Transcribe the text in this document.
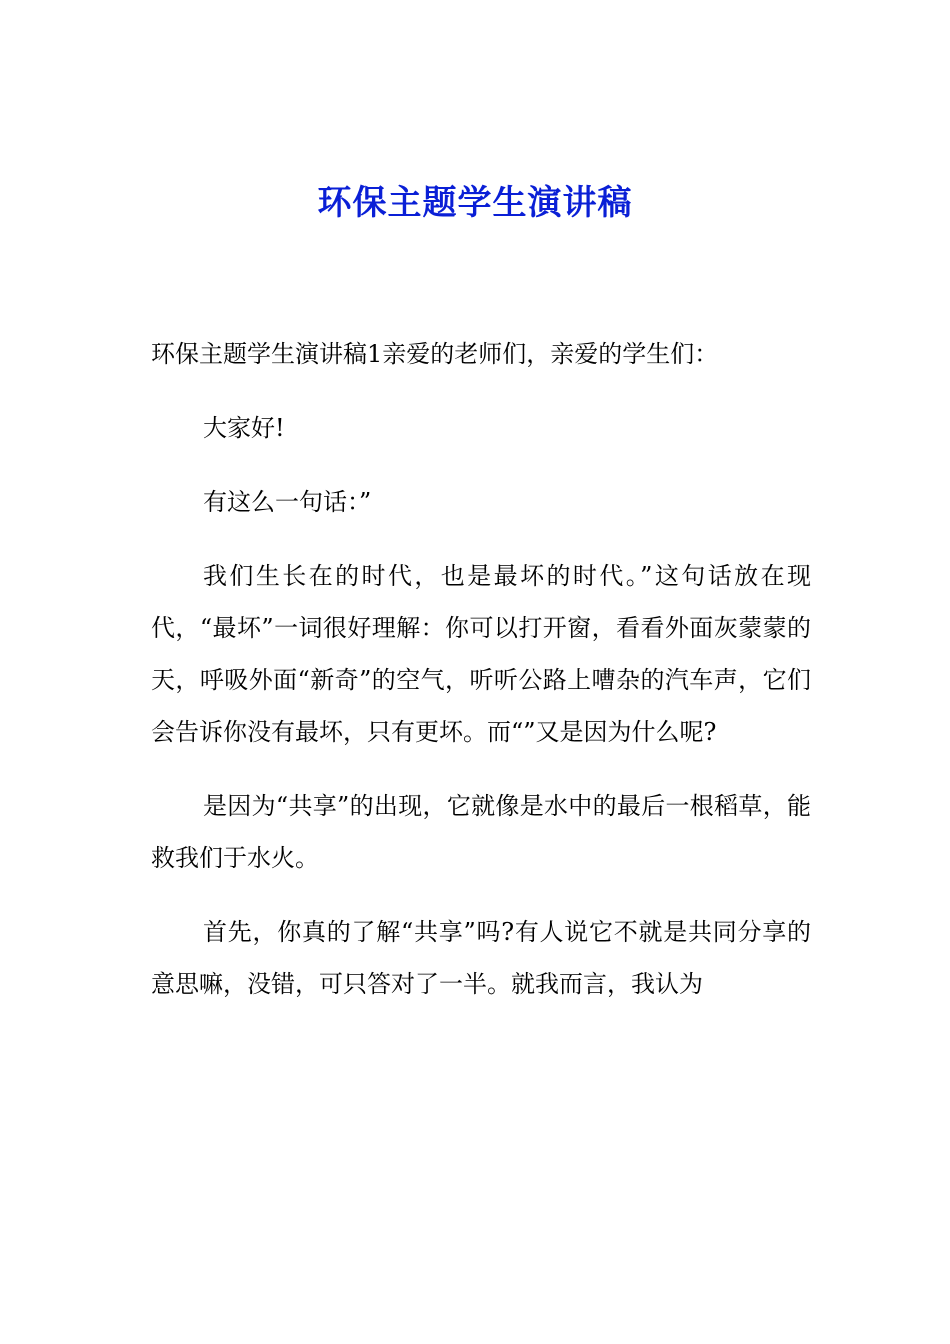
环保主题学生演讲稿

环保主题学生演讲稿1亲爱的老师们，亲爱的学生们：

大家好!

有这么一句话：”

我们生长在的时代，也是最坏的时代。”这句话放在现代，“最坏”一词很好理解：你可以打开窗，看看外面灰蒙蒙的天，呼吸外面“新奇”的空气，听听公路上嘈杂的汽车声，它们会告诉你没有最坏，只有更坏。而“”又是因为什么呢?

是因为“共享”的出现，它就像是水中的最后一根稻草，能救我们于水火。

首先，你真的了解“共享”吗?有人说它不就是共同分享的意思嘛，没错，可只答对了一半。就我而言，我认为
